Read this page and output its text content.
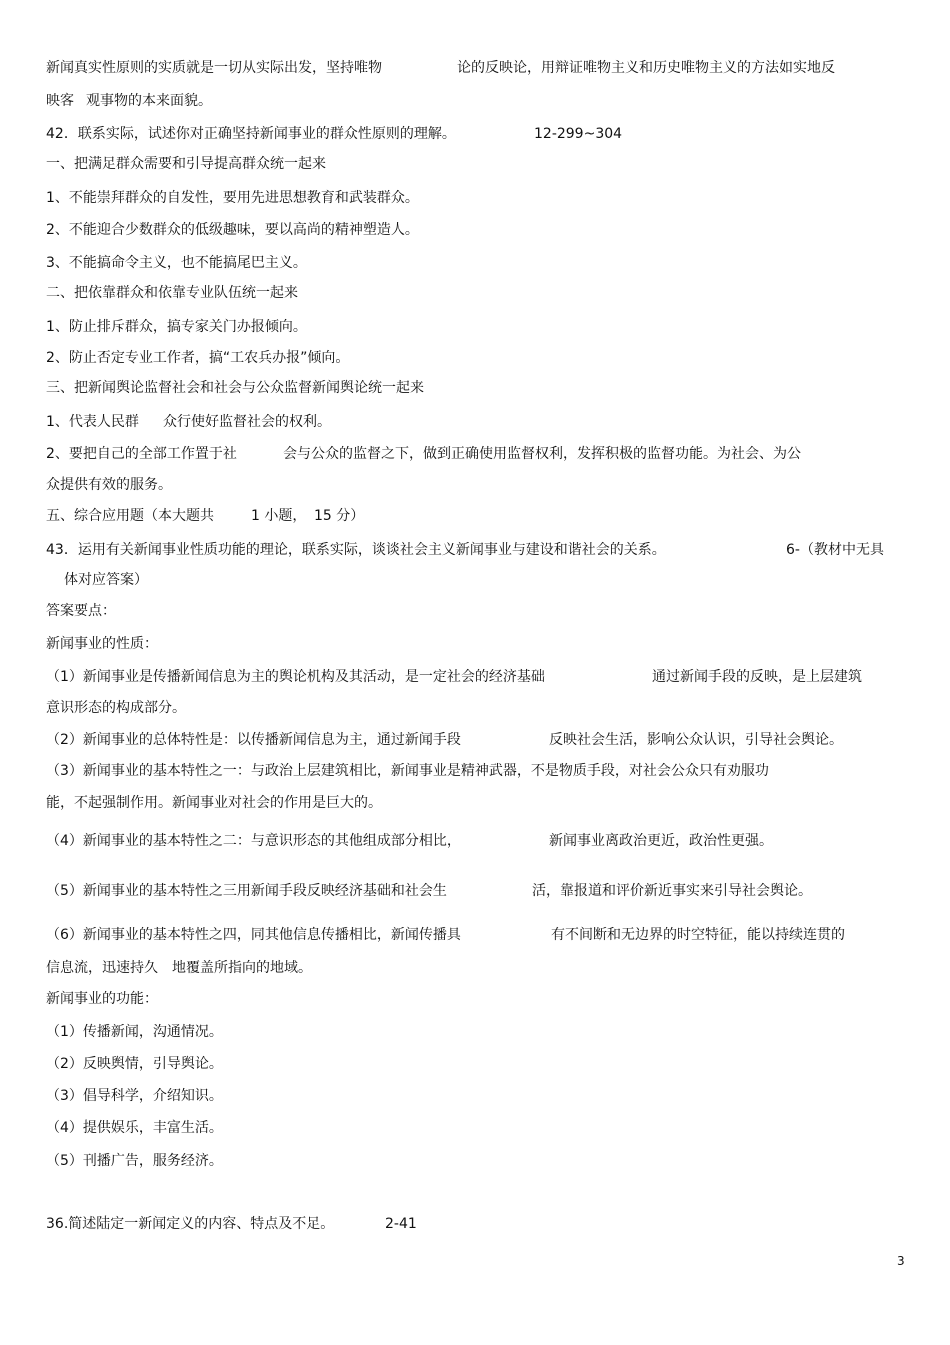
新闻真实性原则的实质就是一切从实际出发，坚持唯物	论的反映论，用辩证唯物主义和历史唯物主义的方法如实地反
映客 观事物的本来面貌。
42．联系实际，试述你对正确坚持新闻事业的群众性原则的理解。	12-299~304
一、把满足群众需要和引导提高群众统一起来
1、不能崇拜群众的自发性，要用先进思想教育和武装群众。
2、不能迎合少数群众的低级趣味，要以高尚的精神塑造人。
3、不能搞命令主义，也不能搞尾巴主义。
二、把依靠群众和依靠专业队伍统一起来
1、防止排斥群众，搞专家关门办报倾向。
2、防止否定专业工作者，搞“工农兵办报”倾向。
三、把新闻舆论监督社会和社会与公众监督新闻舆论统一起来
1、代表人民群 众行使好监督社会的权利。
2、要把自己的全部工作置于社	会与公众的监督之下，做到正确使用监督权利，发挥积极的监督功能。为社会、为公
众提供有效的服务。
五、综合应用题（本大题共	1 小题， 15 分）
43．运用有关新闻事业性质功能的理论，联系实际，谈谈社会主义新闻事业与建设和谐社会的关系。	6-（教材中无具
体对应答案）
答案要点：
新闻事业的性质：
（1）新闻事业是传播新闻信息为主的舆论机构及其活动，是一定社会的经济基础	通过新闻手段的反映，是上层建筑
意识形态的构成部分。
（2）新闻事业的总体特性是：以传播新闻信息为主，通过新闻手段	反映社会生活，影响公众认识，引导社会舆论。
（3）新闻事业的基本特性之一：与政治上层建筑相比，新闻事业是精神武器，不是物质手段，对社会公众只有劝服功
能，不起强制作用。新闻事业对社会的作用是巨大的。
（4）新闻事业的基本特性之二：与意识形态的其他组成部分相比，	新闻事业离政治更近，政治性更强。
（5）新闻事业的基本特性之三用新闻手段反映经济基础和社会生	活，靠报道和评价新近事实来引导社会舆论。
（6）新闻事业的基本特性之四，同其他信息传播相比，新闻传播具	有不间断和无边界的时空特征，能以持续连贯的
信息流，迅速持久 地覆盖所指向的地域。
新闻事业的功能：
（1）传播新闻，沟通情况。
（2）反映舆情，引导舆论。
（3）倡导科学，介绍知识。
（4）提供娱乐，丰富生活。
（5）刊播广告，服务经济。
36.简述陆定一新闻定义的内容、特点及不足。	2-41
3
